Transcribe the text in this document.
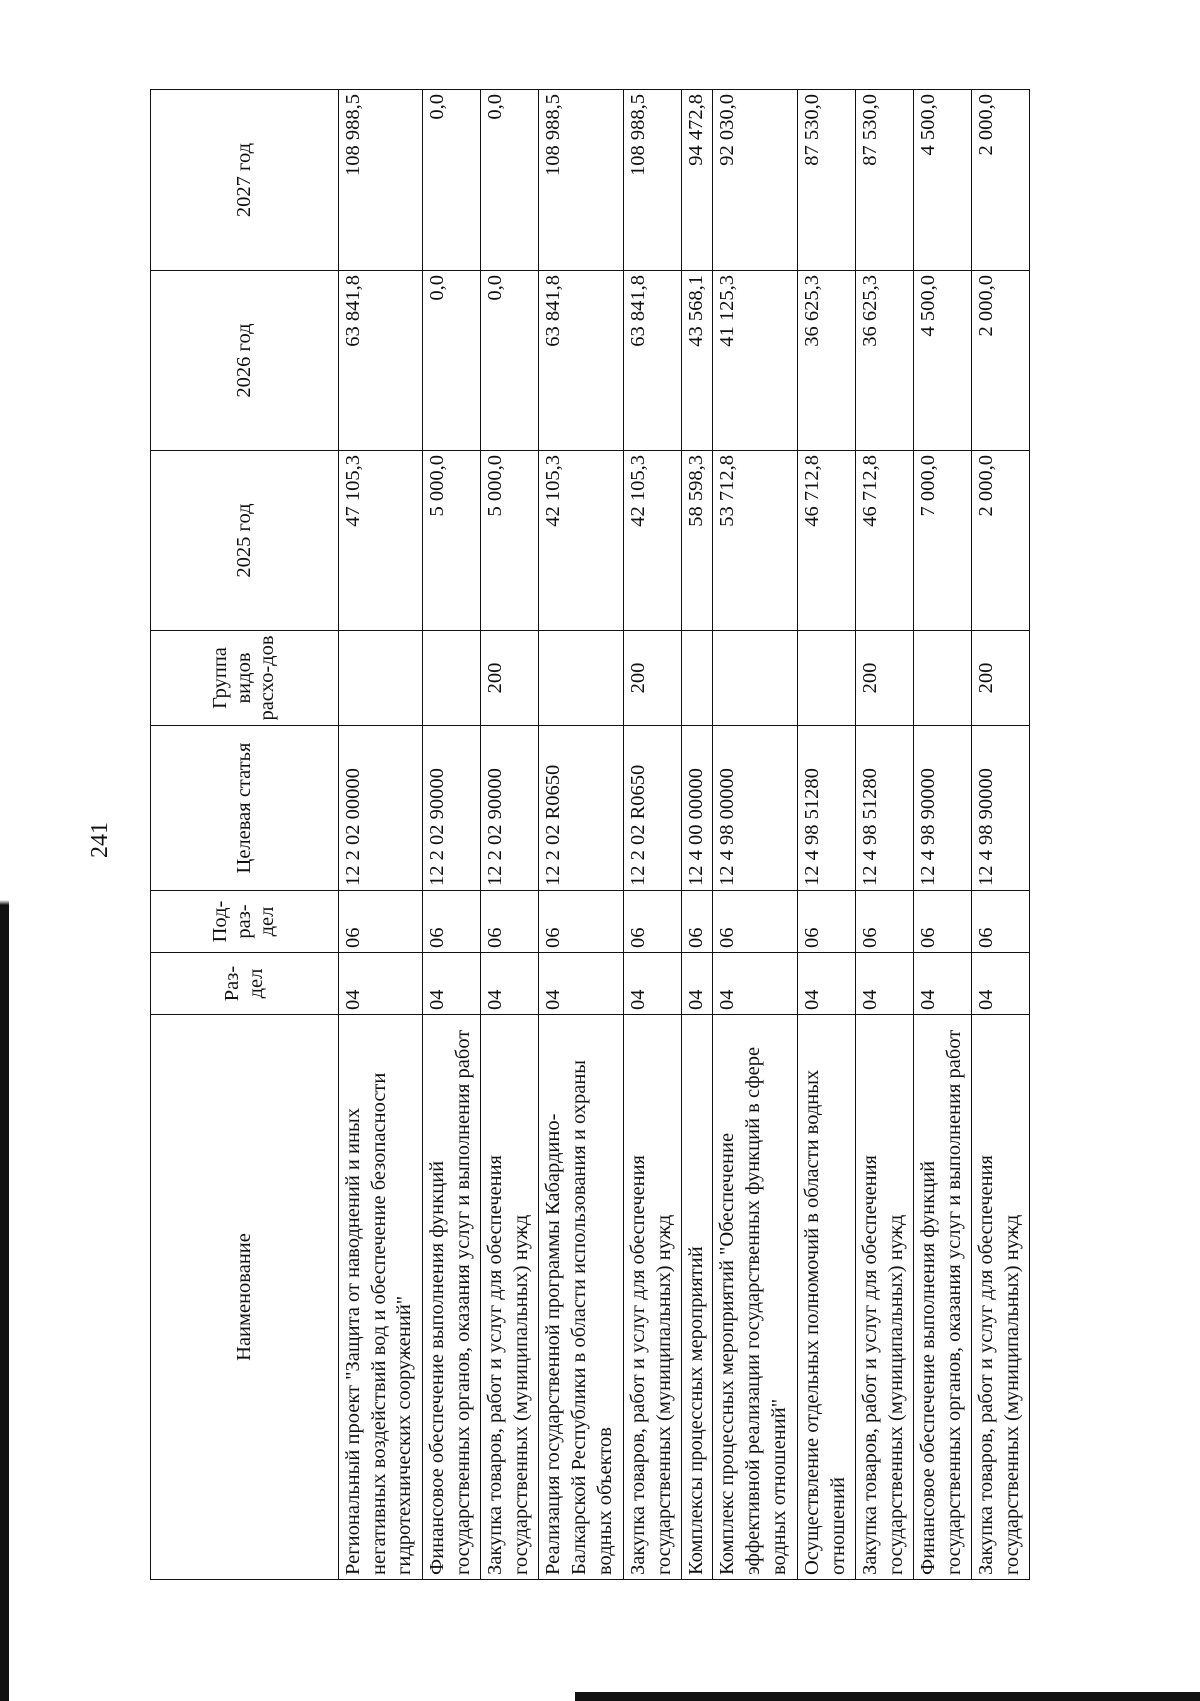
241
Наименование	Раз-дел	Под-раз-дел	Целевая статья	Группа видов расхо-дов	2025 год	2026 год	2027 год
Региональный проект "Защита от наводнений и иных негативных воздействий вод и обеспечение безопасности гидротехнических сооружений"	04	06	12 2 02 00000		47 105,3	63 841,8	108 988,5
Финансовое обеспечение выполнения функций государственных органов, оказания услуг и выполнения работ	04	06	12 2 02 90000		5 000,0	0,0	0,0
Закупка товаров, работ и услуг для обеспечения государственных (муниципальных) нужд	04	06	12 2 02 90000	200	5 000,0	0,0	0,0
Реализация государственной программы Кабардино-Балкарской Республики в области использования и охраны водных объектов	04	06	12 2 02 R0650		42 105,3	63 841,8	108 988,5
Закупка товаров, работ и услуг для обеспечения государственных (муниципальных) нужд	04	06	12 2 02 R0650	200	42 105,3	63 841,8	108 988,5
Комплексы процессных мероприятий	04	06	12 4 00 00000		58 598,3	43 568,1	94 472,8
Комплекс процессных мероприятий "Обеспечение эффективной реализации государственных функций в сфере водных отношений"	04	06	12 4 98 00000		53 712,8	41 125,3	92 030,0
Осуществление отдельных полномочий в области водных отношений	04	06	12 4 98 51280		46 712,8	36 625,3	87 530,0
Закупка товаров, работ и услуг для обеспечения государственных (муниципальных) нужд	04	06	12 4 98 51280	200	46 712,8	36 625,3	87 530,0
Финансовое обеспечение выполнения функций государственных органов, оказания услуг и выполнения работ	04	06	12 4 98 90000		7 000,0	4 500,0	4 500,0
Закупка товаров, работ и услуг для обеспечения государственных (муниципальных) нужд	04	06	12 4 98 90000	200	2 000,0	2 000,0	2 000,0
